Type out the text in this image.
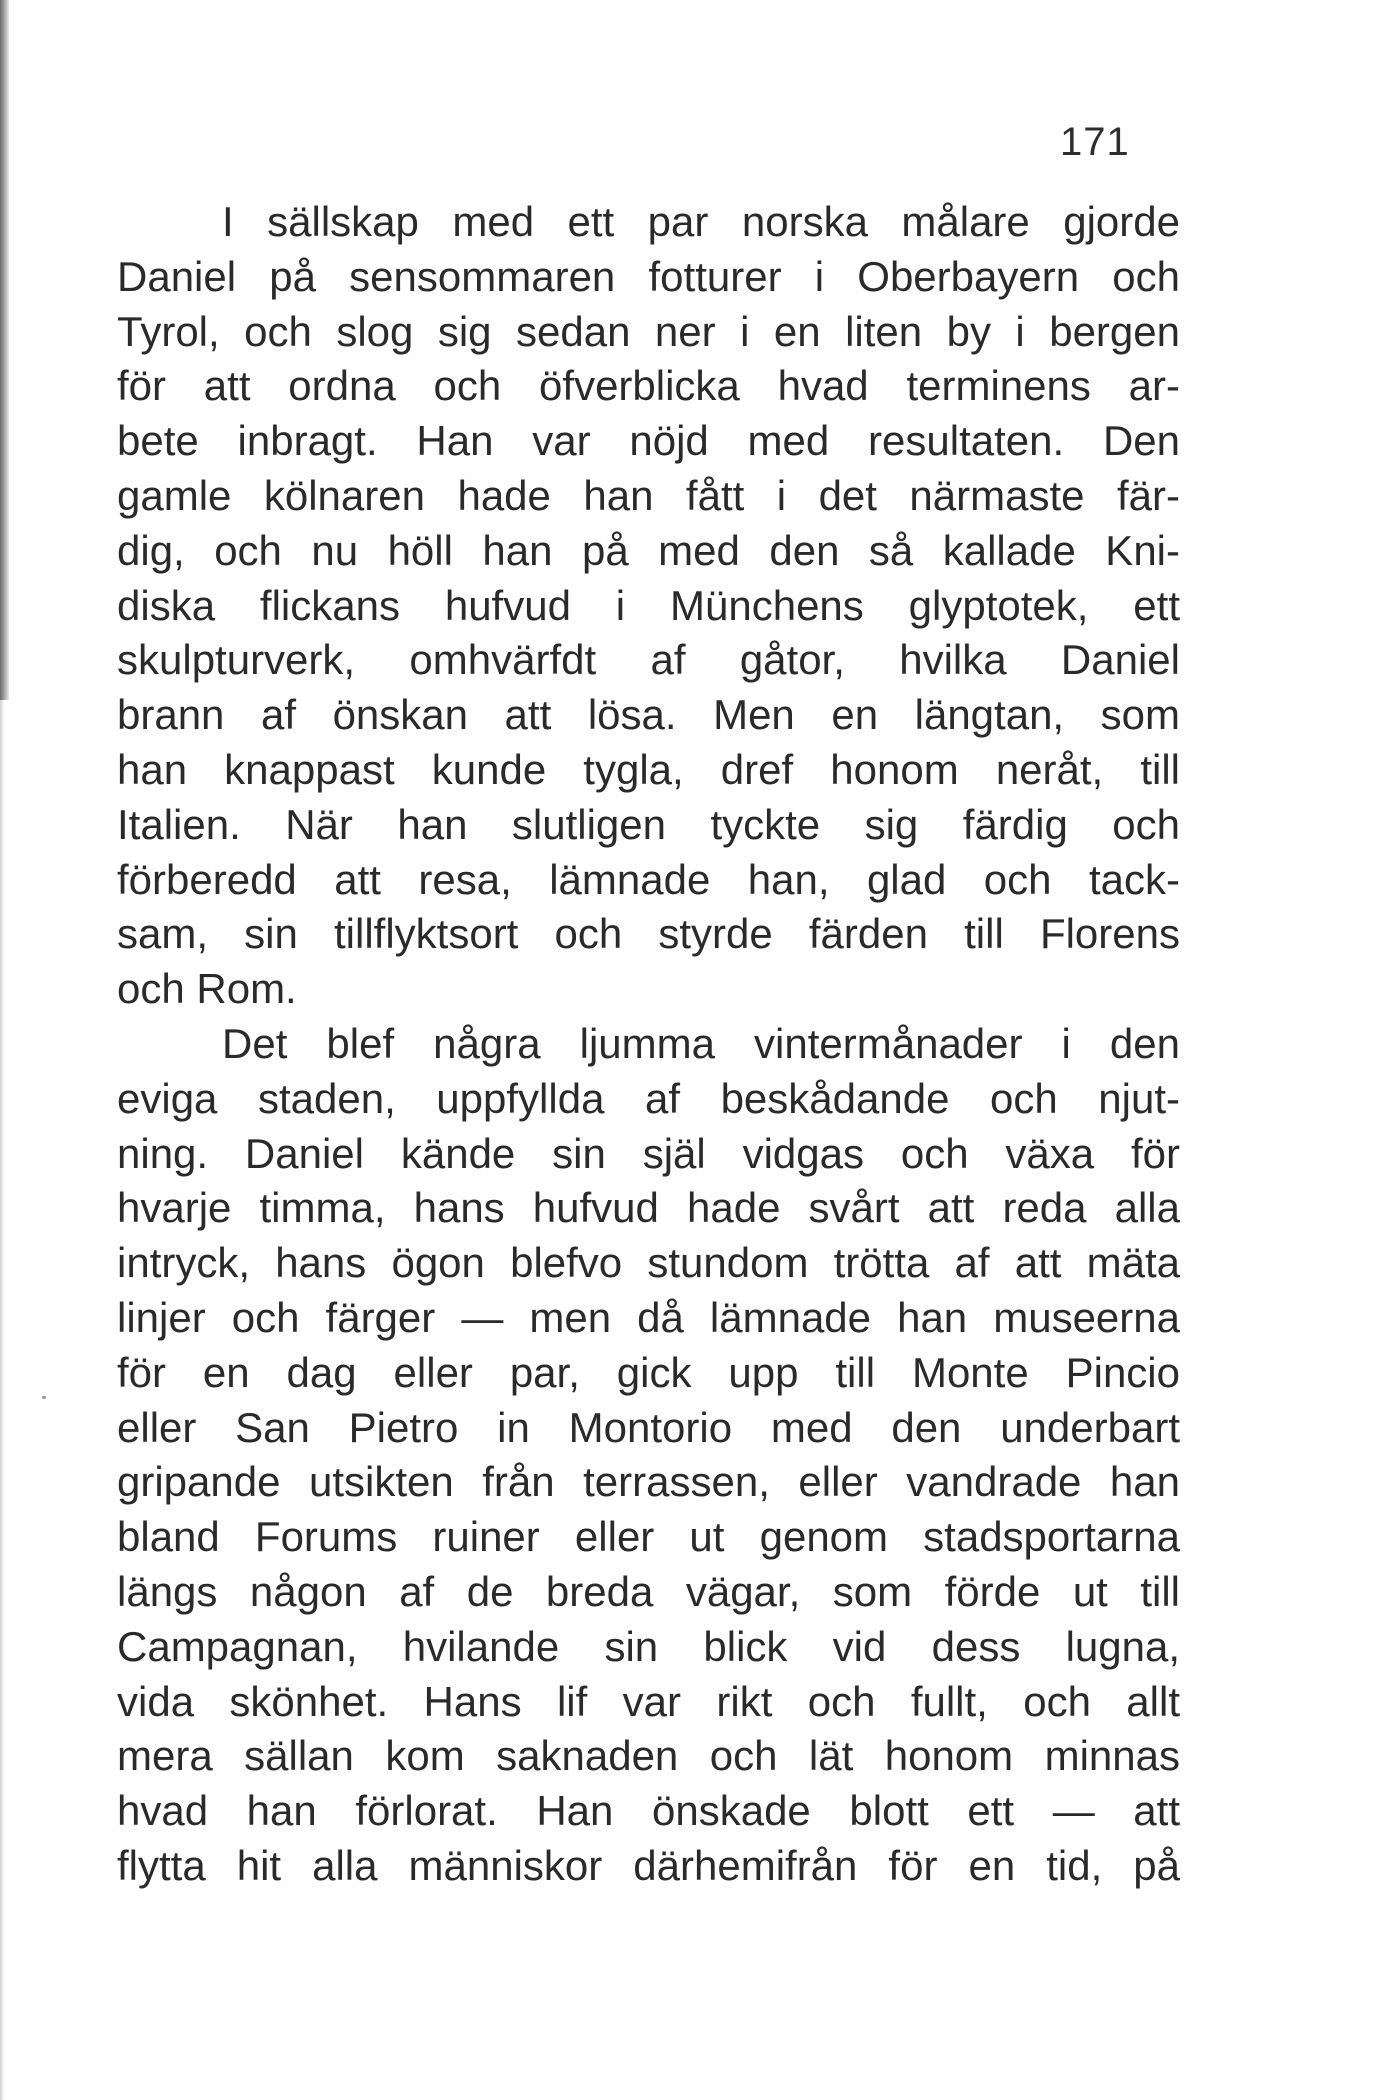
171
I sällskap med ett par norska målare gjorde
Daniel på sensommaren fotturer i Oberbayern och
Tyrol, och slog sig sedan ner i en liten by i bergen
för att ordna och öfverblicka hvad terminens ar-
bete inbragt. Han var nöjd med resultaten. Den
gamle kölnaren hade han fått i det närmaste fär-
dig, och nu höll han på med den så kallade Kni-
diska flickans hufvud i Münchens glyptotek, ett
skulpturverk, omhvärfdt af gåtor, hvilka Daniel
brann af önskan att lösa. Men en längtan, som
han knappast kunde tygla, dref honom neråt, till
Italien. När han slutligen tyckte sig färdig och
förberedd att resa, lämnade han, glad och tack-
sam, sin tillflyktsort och styrde färden till Florens
och Rom.
Det blef några ljumma vintermånader i den
eviga staden, uppfyllda af beskådande och njut-
ning. Daniel kände sin själ vidgas och växa för
hvarje timma, hans hufvud hade svårt att reda alla
intryck, hans ögon blefvo stundom trötta af att mäta
linjer och färger — men då lämnade han museerna
för en dag eller par, gick upp till Monte Pincio
eller San Pietro in Montorio med den underbart
gripande utsikten från terrassen, eller vandrade han
bland Forums ruiner eller ut genom stadsportarna
längs någon af de breda vägar, som förde ut till
Campagnan, hvilande sin blick vid dess lugna,
vida skönhet. Hans lif var rikt och fullt, och allt
mera sällan kom saknaden och lät honom minnas
hvad han förlorat. Han önskade blott ett — att
flytta hit alla människor därhemifrån för en tid, på
